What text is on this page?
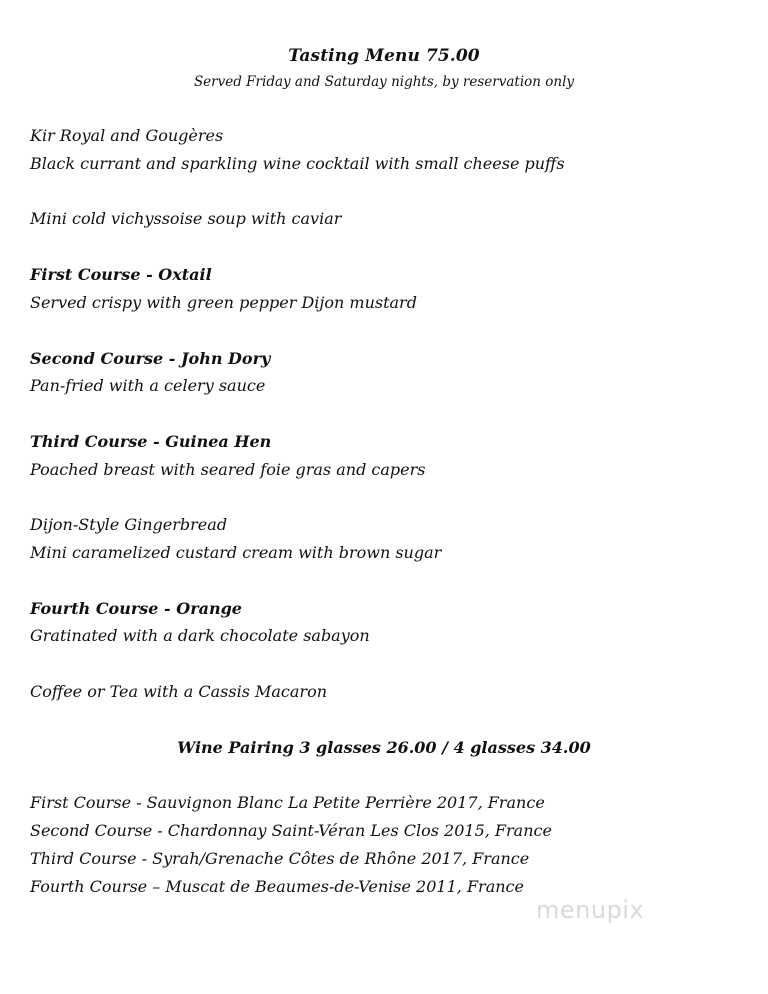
Tasting Menu 75.00
Served Friday and Saturday nights, by reservation only
Kir Royal and Gougères
Black currant and sparkling wine cocktail with small cheese puffs
Mini cold vichyssoise soup with caviar
First Course - Oxtail
Served crispy with green pepper Dijon mustard
Second Course - John Dory
Pan-fried with a celery sauce
Third Course - Guinea Hen
Poached breast with seared foie gras and capers
Dijon-Style Gingerbread
Mini caramelized custard cream with brown sugar
Fourth Course - Orange
Gratinated with a dark chocolate sabayon
Coffee or Tea with a Cassis Macaron
Wine Pairing 3 glasses 26.00 / 4 glasses 34.00
First Course - Sauvignon Blanc La Petite Perrière 2017, France
Second Course - Chardonnay Saint-Véran Les Clos 2015, France
Third Course - Syrah/Grenache Côtes de Rhône 2017, France
Fourth Course – Muscat de Beaumes-de-Venise 2011, France
menupix
